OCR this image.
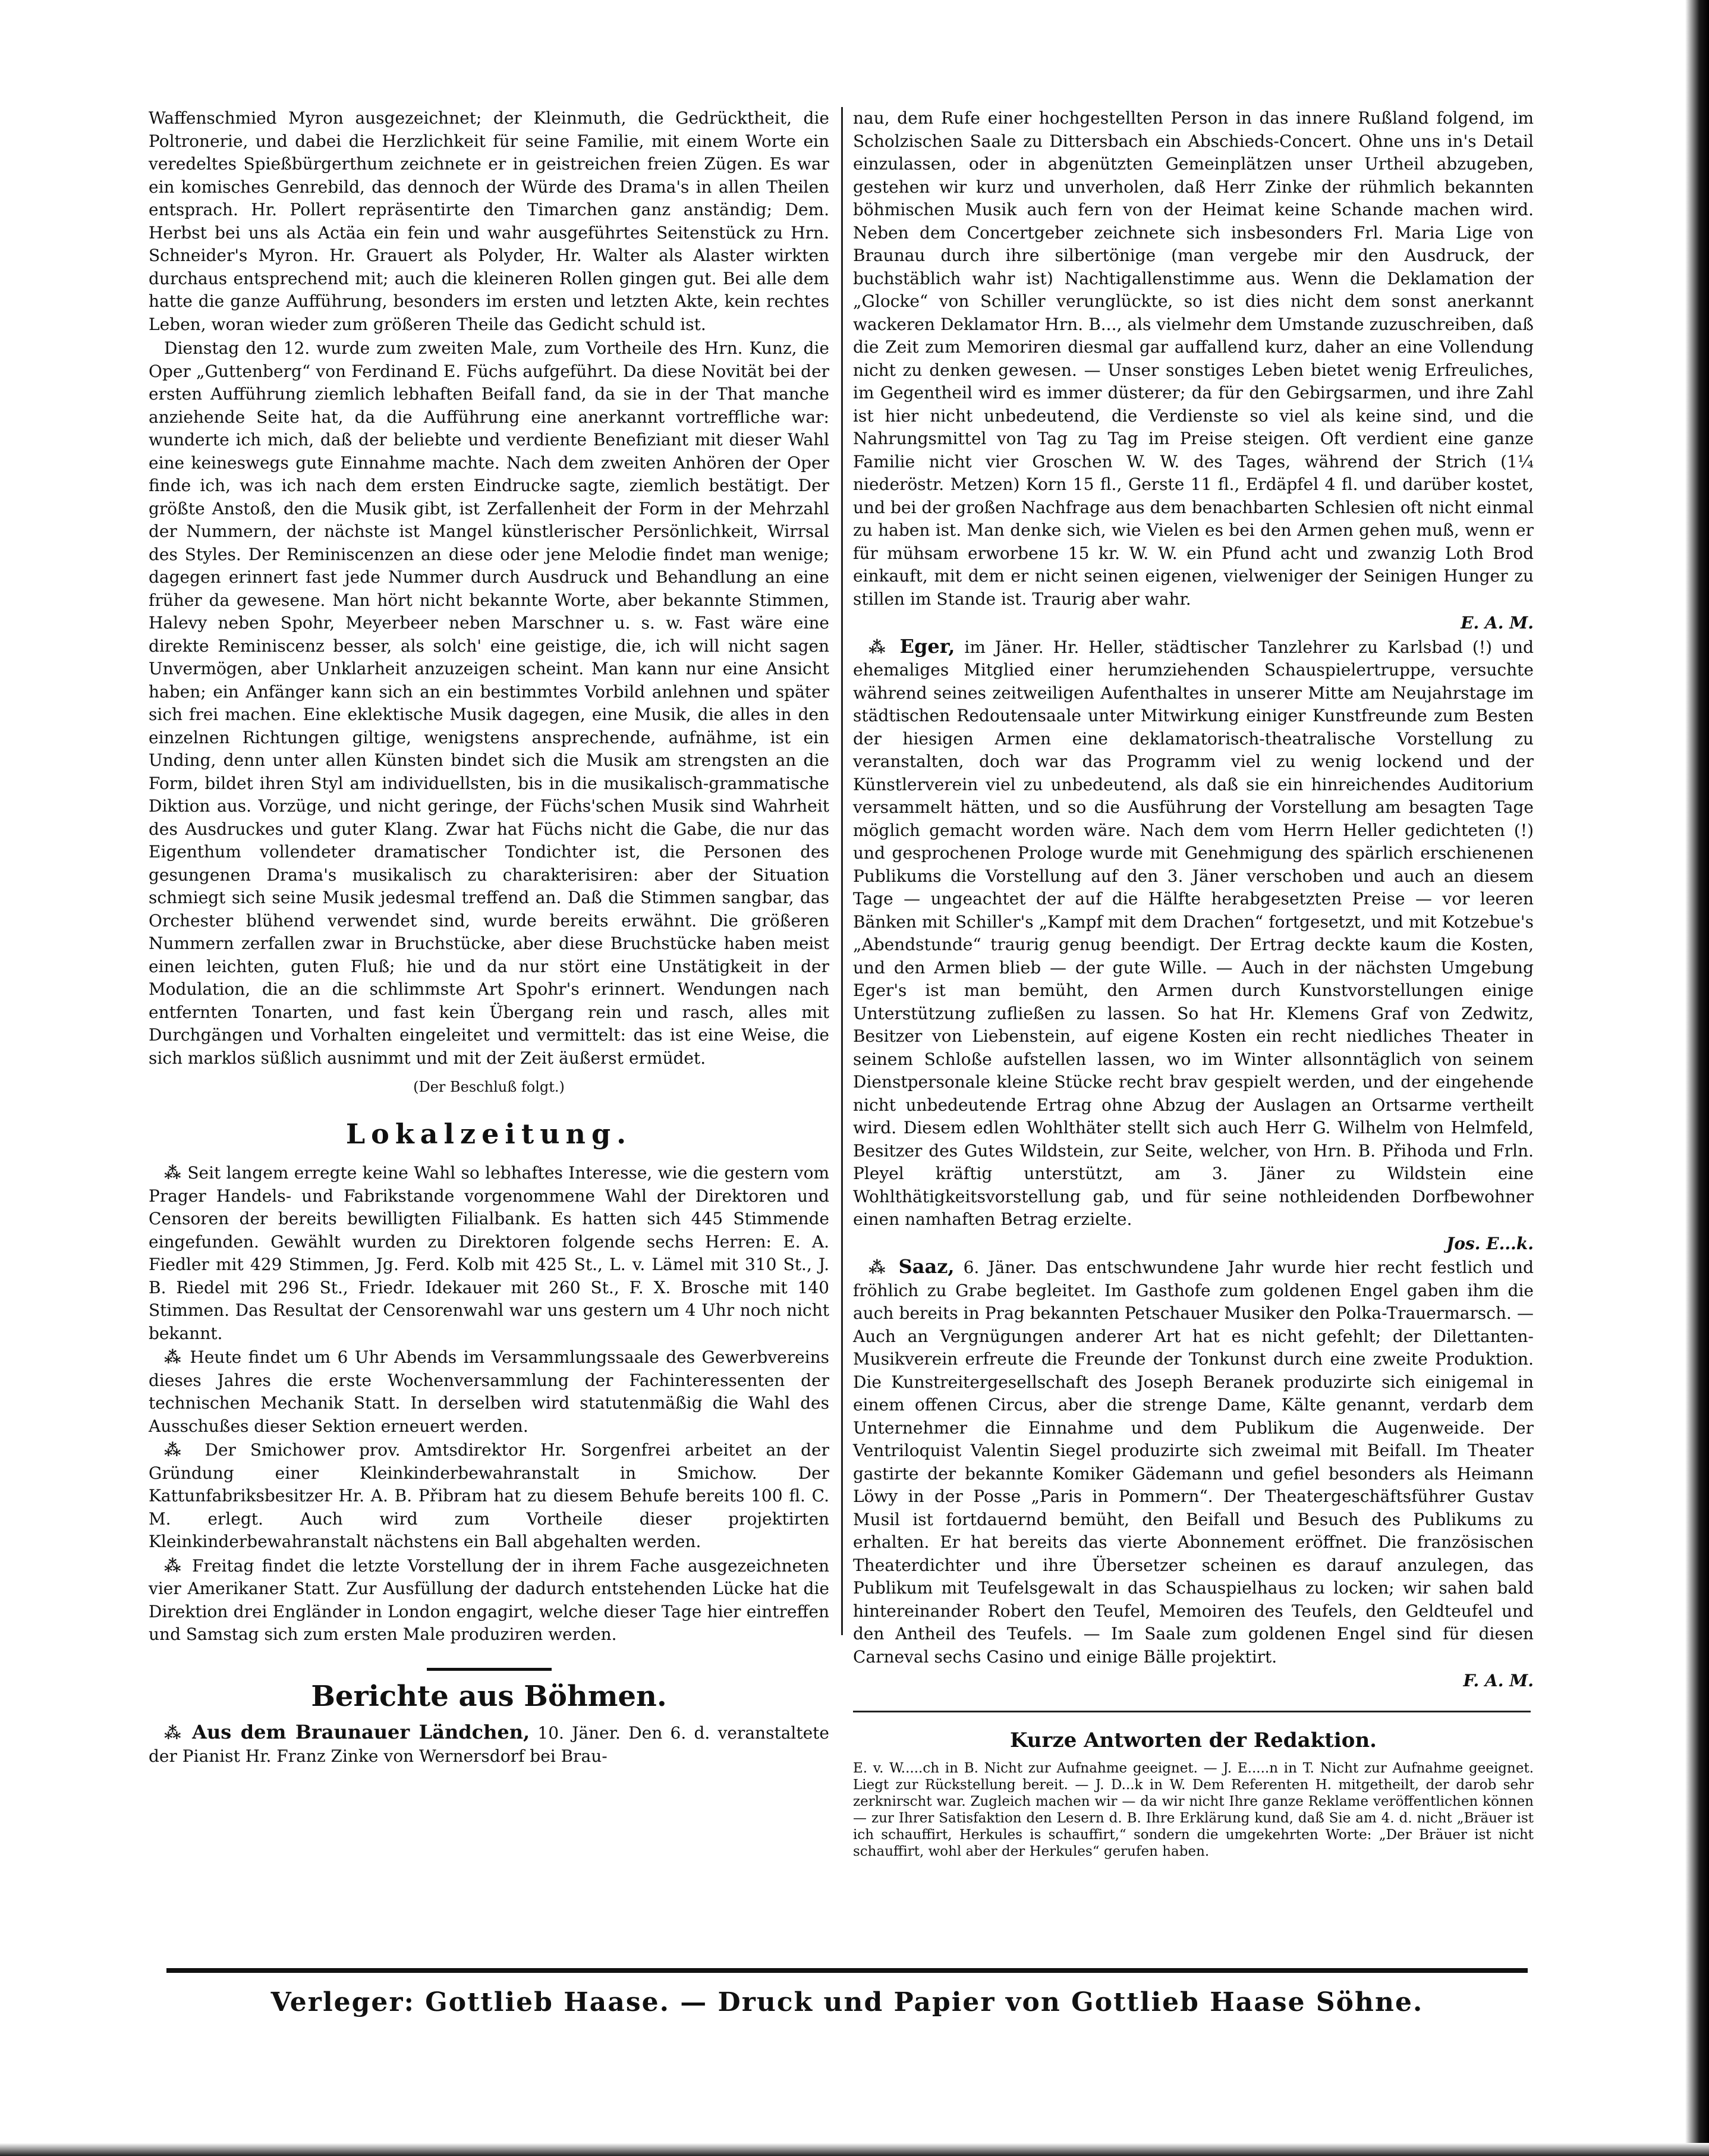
Waffenschmied Myron ausgezeichnet; der Kleinmuth, die Gedrücktheit, die Poltronerie, und dabei die Herzlichkeit für seine Familie, mit einem Worte ein veredeltes Spießbürgerthum zeichnete er in geistreichen freien Zügen. Es war ein komisches Genrebild, das dennoch der Würde des Drama's in allen Theilen entsprach. Hr. Pollert repräsentirte den Timarchen ganz anständig; Dem. Herbst bei uns als Actäa ein fein und wahr ausgeführtes Seitenstück zu Hrn. Schneider's Myron. Hr. Grauert als Polyder, Hr. Walter als Alaster wirkten durchaus entsprechend mit; auch die kleineren Rollen gingen gut. Bei alle dem hatte die ganze Aufführung, besonders im ersten und letzten Akte, kein rechtes Leben, woran wieder zum größeren Theile das Gedicht schuld ist.

Dienstag den 12. wurde zum zweiten Male, zum Vortheile des Hrn. Kunz, die Oper „Guttenberg“ von Ferdinand E. Füchs aufgeführt. Da diese Novität bei der ersten Aufführung ziemlich lebhaften Beifall fand, da sie in der That manche anziehende Seite hat, da die Aufführung eine anerkannt vortreffliche war: wunderte ich mich, daß der beliebte und verdiente Benefiziant mit dieser Wahl eine keineswegs gute Einnahme machte. Nach dem zweiten Anhören der Oper finde ich, was ich nach dem ersten Eindrucke sagte, ziemlich bestätigt. Der größte Anstoß, den die Musik gibt, ist Zerfallenheit der Form in der Mehrzahl der Nummern, der nächste ist Mangel künstlerischer Persönlichkeit, Wirrsal des Styles. Der Reminiscenzen an diese oder jene Melodie findet man wenige; dagegen erinnert fast jede Nummer durch Ausdruck und Behandlung an eine früher da gewesene. Man hört nicht bekannte Worte, aber bekannte Stimmen, Halevy neben Spohr, Meyerbeer neben Marschner u. s. w. Fast wäre eine direkte Reminiscenz besser, als solch' eine geistige, die, ich will nicht sagen Unvermögen, aber Unklarheit anzuzeigen scheint. Man kann nur eine Ansicht haben; ein Anfänger kann sich an ein bestimmtes Vorbild anlehnen und später sich frei machen. Eine eklektische Musik dagegen, eine Musik, die alles in den einzelnen Richtungen giltige, wenigstens ansprechende, aufnähme, ist ein Unding, denn unter allen Künsten bindet sich die Musik am strengsten an die Form, bildet ihren Styl am individuellsten, bis in die musikalisch-grammatische Diktion aus. Vorzüge, und nicht geringe, der Füchs'schen Musik sind Wahrheit des Ausdruckes und guter Klang. Zwar hat Füchs nicht die Gabe, die nur das Eigenthum vollendeter dramatischer Tondichter ist, die Personen des gesungenen Drama's musikalisch zu charakterisiren: aber der Situation schmiegt sich seine Musik jedesmal treffend an. Daß die Stimmen sangbar, das Orchester blühend verwendet sind, wurde bereits erwähnt. Die größeren Nummern zerfallen zwar in Bruchstücke, aber diese Bruchstücke haben meist einen leichten, guten Fluß; hie und da nur stört eine Unstätigkeit in der Modulation, die an die schlimmste Art Spohr's erinnert. Wendungen nach entfernten Tonarten, und fast kein Übergang rein und rasch, alles mit Durchgängen und Vorhalten eingeleitet und vermittelt: das ist eine Weise, die sich marklos süßlich ausnimmt und mit der Zeit äußerst ermüdet.

(Der Beschluß folgt.)
Lokalzeitung.

⁂ Seit langem erregte keine Wahl so lebhaftes Interesse, wie die gestern vom Prager Handels- und Fabrikstande vorgenommene Wahl der Direktoren und Censoren der bereits bewilligten Filialbank. Es hatten sich 445 Stimmende eingefunden. Gewählt wurden zu Direktoren folgende sechs Herren: E. A. Fiedler mit 429 Stimmen, Jg. Ferd. Kolb mit 425 St., L. v. Lämel mit 310 St., J. B. Riedel mit 296 St., Friedr. Idekauer mit 260 St., F. X. Brosche mit 140 Stimmen. Das Resultat der Censorenwahl war uns gestern um 4 Uhr noch nicht bekannt.

⁂ Heute findet um 6 Uhr Abends im Versammlungssaale des Gewerbvereins dieses Jahres die erste Wochenversammlung der Fachinteressenten der technischen Mechanik Statt. In derselben wird statutenmäßig die Wahl des Ausschußes dieser Sektion erneuert werden.

⁂ Der Smichower prov. Amtsdirektor Hr. Sorgenfrei arbeitet an der Gründung einer Kleinkinderbewahranstalt in Smichow. Der Kattunfabriksbesitzer Hr. A. B. Přibram hat zu diesem Behufe bereits 100 fl. C. M. erlegt. Auch wird zum Vortheile dieser projektirten Kleinkinderbewahranstalt nächstens ein Ball abgehalten werden.

⁂ Freitag findet die letzte Vorstellung der in ihrem Fache ausgezeichneten vier Amerikaner Statt. Zur Ausfüllung der dadurch entstehenden Lücke hat die Direktion drei Engländer in London engagirt, welche dieser Tage hier eintreffen und Samstag sich zum ersten Male produziren werden.

Berichte aus Böhmen.

⁂ Aus dem Braunauer Ländchen, 10. Jäner. Den 6. d. veranstaltete der Pianist Hr. Franz Zinke von Wernersdorf bei Brau-

nau, dem Rufe einer hochgestellten Person in das innere Rußland folgend, im Scholzischen Saale zu Dittersbach ein Abschieds-Concert. Ohne uns in's Detail einzulassen, oder in abgenützten Gemeinplätzen unser Urtheil abzugeben, gestehen wir kurz und unverholen, daß Herr Zinke der rühmlich bekannten böhmischen Musik auch fern von der Heimat keine Schande machen wird. Neben dem Concertgeber zeichnete sich insbesonders Frl. Maria Lige von Braunau durch ihre silbertönige (man vergebe mir den Ausdruck, der buchstäblich wahr ist) Nachtigallenstimme aus. Wenn die Deklamation der „Glocke“ von Schiller verunglückte, so ist dies nicht dem sonst anerkannt wackeren Deklamator Hrn. B..., als vielmehr dem Umstande zuzuschreiben, daß die Zeit zum Memoriren diesmal gar auffallend kurz, daher an eine Vollendung nicht zu denken gewesen. — Unser sonstiges Leben bietet wenig Erfreuliches, im Gegentheil wird es immer düsterer; da für den Gebirgsarmen, und ihre Zahl ist hier nicht unbedeutend, die Verdienste so viel als keine sind, und die Nahrungsmittel von Tag zu Tag im Preise steigen. Oft verdient eine ganze Familie nicht vier Groschen W. W. des Tages, während der Strich (1¼ niederöstr. Metzen) Korn 15 fl., Gerste 11 fl., Erdäpfel 4 fl. und darüber kostet, und bei der großen Nachfrage aus dem benachbarten Schlesien oft nicht einmal zu haben ist. Man denke sich, wie Vielen es bei den Armen gehen muß, wenn er für mühsam erworbene 15 kr. W. W. ein Pfund acht und zwanzig Loth Brod einkauft, mit dem er nicht seinen eigenen, vielweniger der Seinigen Hunger zu stillen im Stande ist. Traurig aber wahr.

E. A. M.

⁂ Eger, im Jäner. Hr. Heller, städtischer Tanzlehrer zu Karlsbad (!) und ehemaliges Mitglied einer herumziehenden Schauspielertruppe, versuchte während seines zeitweiligen Aufenthaltes in unserer Mitte am Neujahrstage im städtischen Redoutensaale unter Mitwirkung einiger Kunstfreunde zum Besten der hiesigen Armen eine deklamatorisch-theatralische Vorstellung zu veranstalten, doch war das Programm viel zu wenig lockend und der Künstlerverein viel zu unbedeutend, als daß sie ein hinreichendes Auditorium versammelt hätten, und so die Ausführung der Vorstellung am besagten Tage möglich gemacht worden wäre. Nach dem vom Herrn Heller gedichteten (!) und gesprochenen Prologe wurde mit Genehmigung des spärlich erschienenen Publikums die Vorstellung auf den 3. Jäner verschoben und auch an diesem Tage — ungeachtet der auf die Hälfte herabgesetzten Preise — vor leeren Bänken mit Schiller's „Kampf mit dem Drachen“ fortgesetzt, und mit Kotzebue's „Abendstunde“ traurig genug beendigt. Der Ertrag deckte kaum die Kosten, und den Armen blieb — der gute Wille. — Auch in der nächsten Umgebung Eger's ist man bemüht, den Armen durch Kunstvorstellungen einige Unterstützung zufließen zu lassen. So hat Hr. Klemens Graf von Zedwitz, Besitzer von Liebenstein, auf eigene Kosten ein recht niedliches Theater in seinem Schloße aufstellen lassen, wo im Winter allsonntäglich von seinem Dienstpersonale kleine Stücke recht brav gespielt werden, und der eingehende nicht unbedeutende Ertrag ohne Abzug der Auslagen an Ortsarme vertheilt wird. Diesem edlen Wohlthäter stellt sich auch Herr G. Wilhelm von Helmfeld, Besitzer des Gutes Wildstein, zur Seite, welcher, von Hrn. B. Přihoda und Frln. Pleyel kräftig unterstützt, am 3. Jäner zu Wildstein eine Wohlthätigkeitsvorstellung gab, und für seine nothleidenden Dorfbewohner einen namhaften Betrag erzielte.

Jos. E...k.

⁂ Saaz, 6. Jäner. Das entschwundene Jahr wurde hier recht festlich und fröhlich zu Grabe begleitet. Im Gasthofe zum goldenen Engel gaben ihm die auch bereits in Prag bekannten Petschauer Musiker den Polka-Trauermarsch. — Auch an Vergnügungen anderer Art hat es nicht gefehlt; der Dilettanten-Musikverein erfreute die Freunde der Tonkunst durch eine zweite Produktion. Die Kunstreitergesellschaft des Joseph Beranek produzirte sich einigemal in einem offenen Circus, aber die strenge Dame, Kälte genannt, verdarb dem Unternehmer die Einnahme und dem Publikum die Augenweide. Der Ventriloquist Valentin Siegel produzirte sich zweimal mit Beifall. Im Theater gastirte der bekannte Komiker Gädemann und gefiel besonders als Heimann Löwy in der Posse „Paris in Pommern“. Der Theatergeschäftsführer Gustav Musil ist fortdauernd bemüht, den Beifall und Besuch des Publikums zu erhalten. Er hat bereits das vierte Abonnement eröffnet. Die französischen Theaterdichter und ihre Übersetzer scheinen es darauf anzulegen, das Publikum mit Teufelsgewalt in das Schauspielhaus zu locken; wir sahen bald hintereinander Robert den Teufel, Memoiren des Teufels, den Geldteufel und den Antheil des Teufels. — Im Saale zum goldenen Engel sind für diesen Carneval sechs Casino und einige Bälle projektirt.

F. A. M.
Kurze Antworten der Redaktion.
E. v. W.....ch in B. Nicht zur Aufnahme geeignet. — J. E.....n in T. Nicht zur Aufnahme geeignet. Liegt zur Rückstellung bereit. — J. D...k in W. Dem Referenten H. mitgetheilt, der darob sehr zerknirscht war. Zugleich machen wir — da wir nicht Ihre ganze Reklame veröffentlichen können — zur Ihrer Satisfaktion den Lesern d. B. Ihre Erklärung kund, daß Sie am 4. d. nicht „Bräuer ist ich schauffirt, Herkules is schauffirt,“ sondern die umgekehrten Worte: „Der Bräuer ist nicht schauffirt, wohl aber der Herkules“ gerufen haben.
Verleger: Gottlieb Haase. — Druck und Papier von Gottlieb Haase Söhne.
